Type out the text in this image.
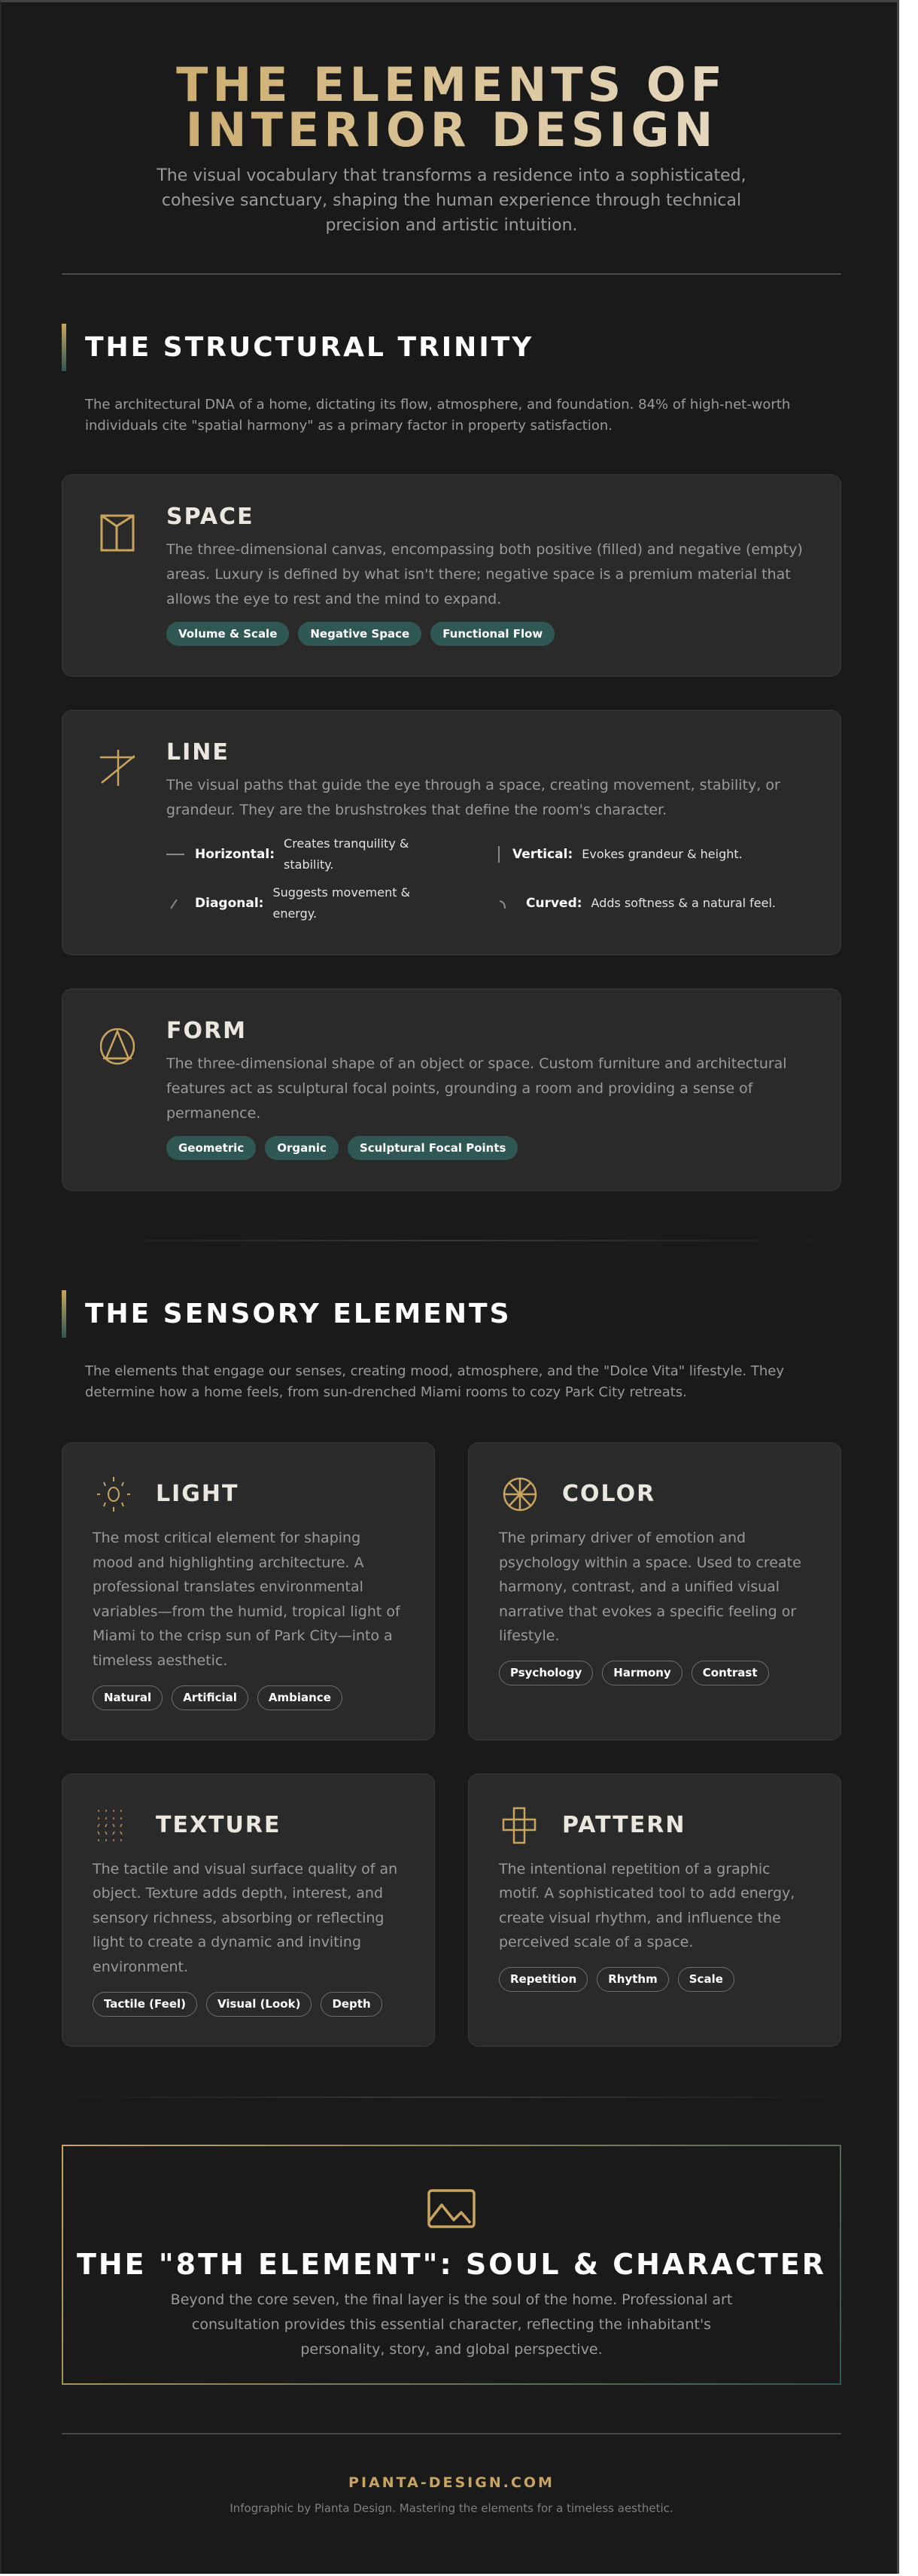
THE ELEMENTS OF
INTERIOR DESIGN

The visual vocabulary that transforms a residence into a sophisticated, cohesive sanctuary, shaping the human experience through technical precision and artistic intuition.

THE STRUCTURAL TRINITY

The architectural DNA of a home, dictating its flow, atmosphere, and foundation. 84% of high-net-worth individuals cite "spatial harmony" as a primary factor in property satisfaction.

SPACE
The three-dimensional canvas, encompassing both positive (filled) and negative (empty) areas. Luxury is defined by what isn't there; negative space is a premium material that allows the eye to rest and the mind to expand.
Volume & Scale	Negative Space	Functional Flow
LINE
The visual paths that guide the eye through a space, creating movement, stability, or grandeur. They are the brushstrokes that define the room's character.
Horizontal:
Creates tranquility & stability.
Vertical: Evokes grandeur & height.
Diagonal:
Suggests movement & energy.
Curved: Adds softness & a natural feel.
FORM
The three-dimensional shape of an object or space. Custom furniture and architectural features act as sculptural focal points, grounding a room and providing a sense of permanence.
Geometric	Organic	Sculptural Focal Points
THE SENSORY ELEMENTS

The elements that engage our senses, creating mood, atmosphere, and the "Dolce Vita" lifestyle. They determine how a home feels, from sun-drenched Miami rooms to cozy Park City retreats.

LIGHT
The most critical element for shaping mood and highlighting architecture. A professional translates environmental variables—from the humid, tropical light of Miami to the crisp sun of Park City—into a timeless aesthetic.
Natural	Artificial	Ambiance
COLOR
The primary driver of emotion and psychology within a space. Used to create harmony, contrast, and a unified visual narrative that evokes a specific feeling or lifestyle.
Psychology	Harmony	Contrast
TEXTURE
The tactile and visual surface quality of an object. Texture adds depth, interest, and sensory richness, absorbing or reflecting light to create a dynamic and inviting environment.
Tactile (Feel)	Visual (Look)	Depth
PATTERN
The intentional repetition of a graphic motif. A sophisticated tool to add energy, create visual rhythm, and influence the perceived scale of a space.
Repetition	Rhythm	Scale
THE "8TH ELEMENT": SOUL & CHARACTER
Beyond the core seven, the final layer is the soul of the home. Professional art consultation provides this essential character, reflecting the inhabitant's personality, story, and global perspective.
PIANTA-DESIGN.COM
Infographic by Pianta Design. Mastering the elements for a timeless aesthetic.
